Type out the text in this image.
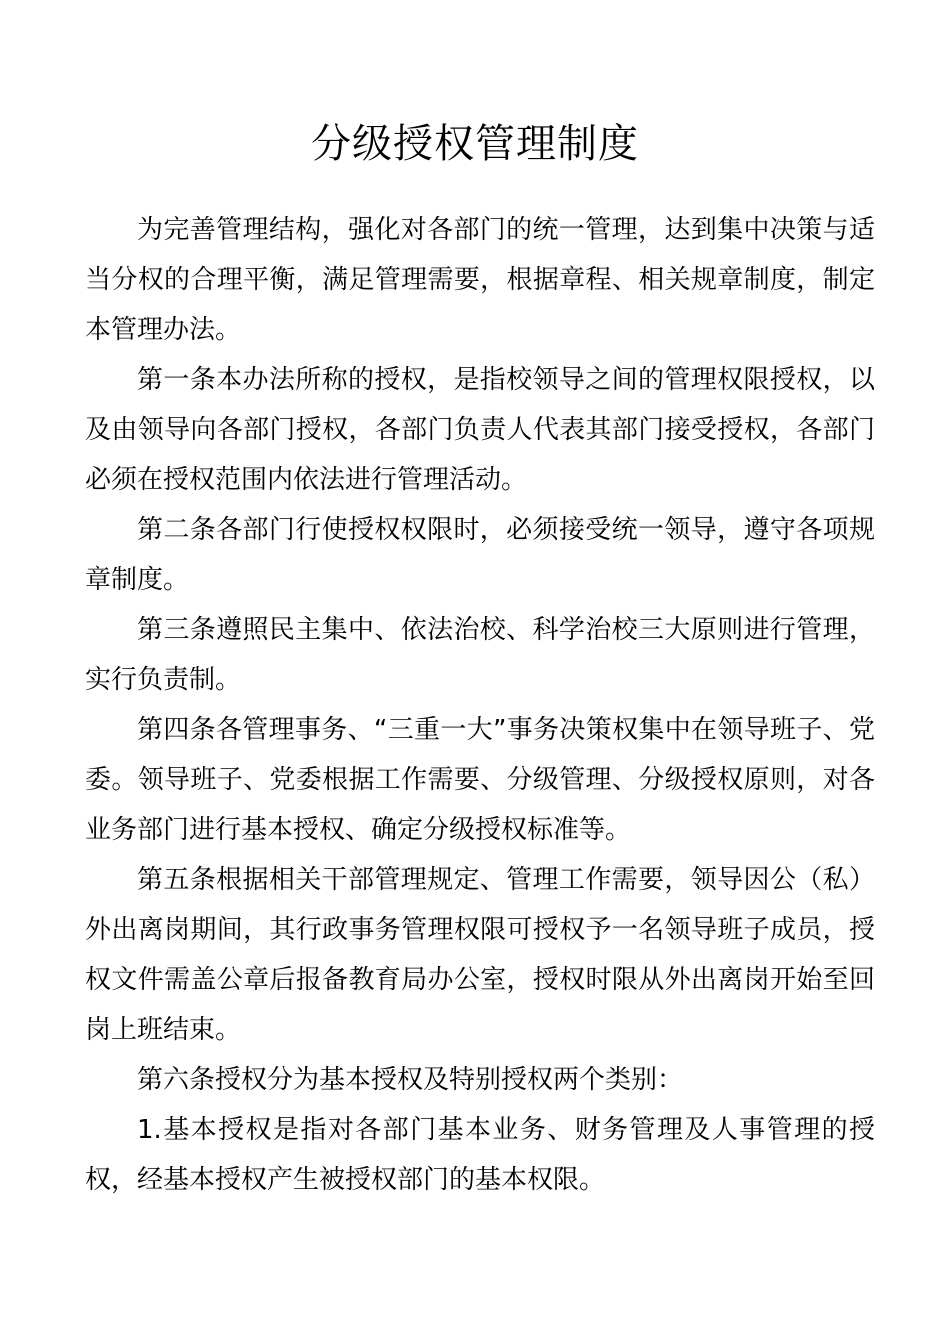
分级授权管理制度

为完善管理结构，强化对各部门的统一管理，达到集中决策与适当分权的合理平衡，满足管理需要，根据章程、相关规章制度，制定本管理办法。

第一条本办法所称的授权，是指校领导之间的管理权限授权，以及由领导向各部门授权，各部门负责人代表其部门接受授权，各部门必须在授权范围内依法进行管理活动。

第二条各部门行使授权权限时，必须接受统一领导，遵守各项规章制度。

第三条遵照民主集中、依法治校、科学治校三大原则进行管理，实行负责制。

第四条各管理事务、“三重一大”事务决策权集中在领导班子、党委。领导班子、党委根据工作需要、分级管理、分级授权原则，对各业务部门进行基本授权、确定分级授权标准等。

第五条根据相关干部管理规定、管理工作需要，领导因公（私）外出离岗期间，其行政事务管理权限可授权予一名领导班子成员，授权文件需盖公章后报备教育局办公室，授权时限从外出离岗开始至回岗上班结束。

第六条授权分为基本授权及特别授权两个类别：

1.基本授权是指对各部门基本业务、财务管理及人事管理的授权，经基本授权产生被授权部门的基本权限。
